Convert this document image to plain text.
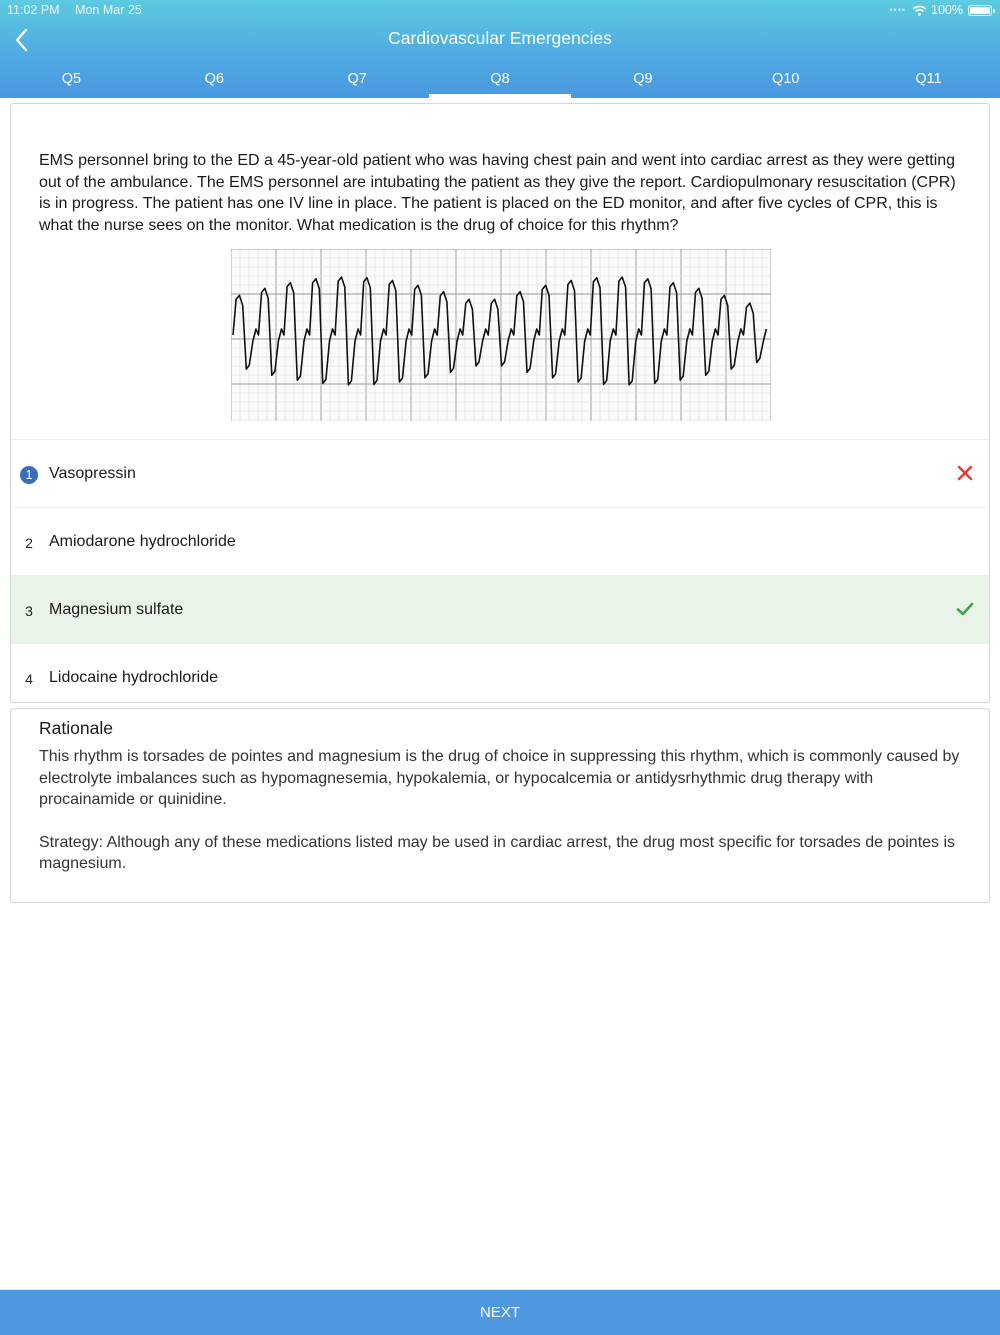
11:02 PM Mon Mar 25	•••• 100%
Cardiovascular Emergencies
Q5	Q6	Q7	Q8	Q9	Q10	Q11
EMS personnel bring to the ED a 45-year-old patient who was having chest pain and went into cardiac arrest as they were getting out of the ambulance. The EMS personnel are intubating the patient as they give the report. Cardiopulmonary resuscitation (CPR) is in progress. The patient has one IV line in place. The patient is placed on the ED monitor, and after five cycles of CPR, this is what the nurse sees on the monitor. What medication is the drug of choice for this rhythm?
1	Vasopressin
2	Amiodarone hydrochloride
3	Magnesium sulfate
4	Lidocaine hydrochloride
Rationale

This rhythm is torsades de pointes and magnesium is the drug of choice in suppressing this rhythm, which is commonly caused by electrolyte imbalances such as hypomagnesemia, hypokalemia, or hypocalcemia or antidysrhythmic drug therapy with procainamide or quinidine.

Strategy: Although any of these medications listed may be used in cardiac arrest, the drug most specific for torsades de pointes is magnesium.

NEXT
